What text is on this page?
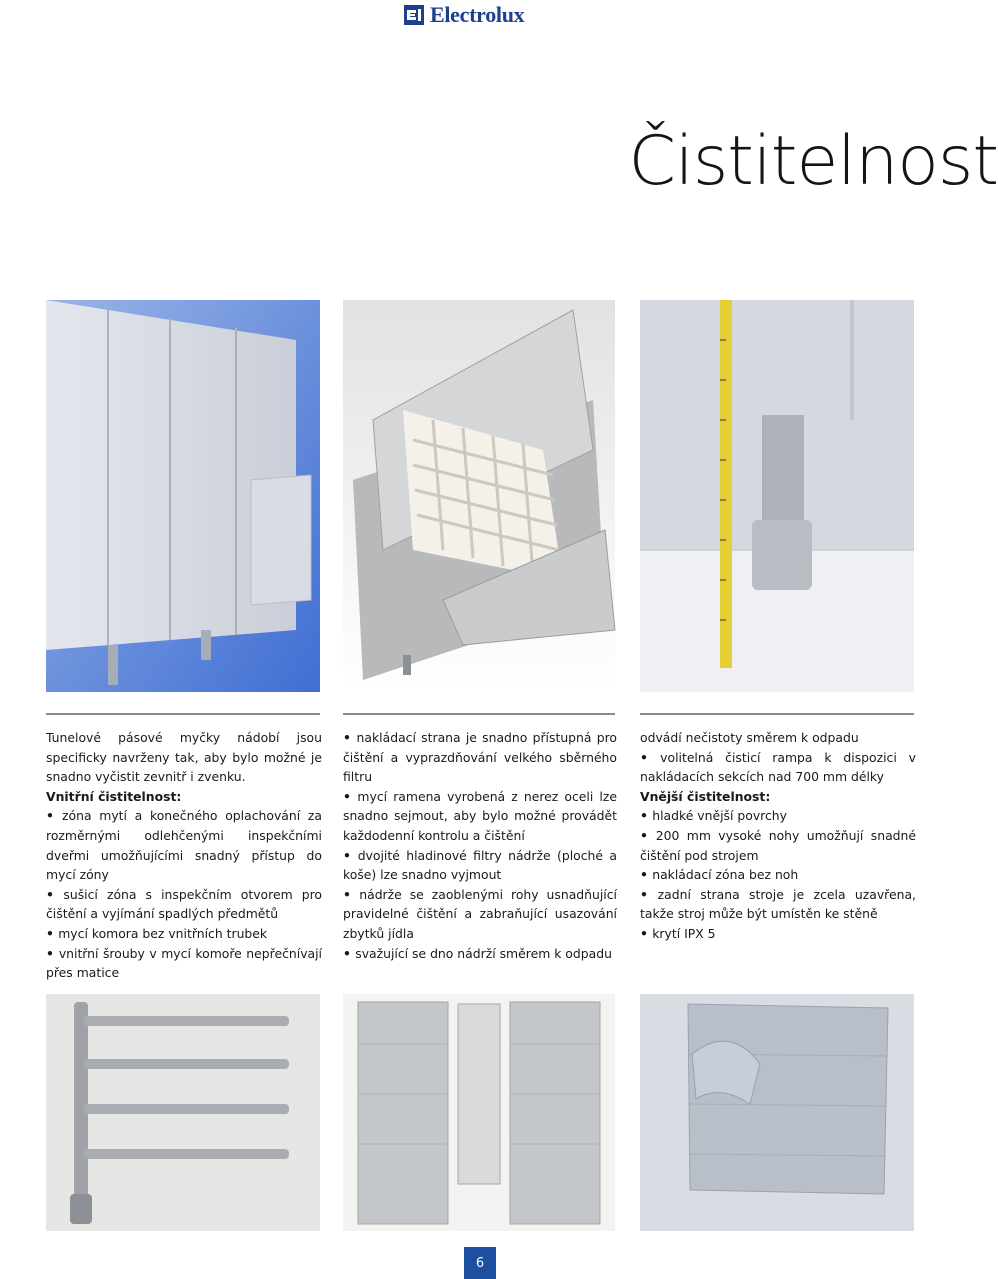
Electrolux
Čistitelnost

Tunelové pásové myčky nádobí jsou specificky navrženy tak, aby bylo možné je snadno vyčistit zevnitř i zvenku.

Vnitřní čistitelnost:

• zóna mytí a konečného oplachování za rozměrnými odlehčenými inspekčními dveřmi umožňujícími snadný přístup do mycí zóny
• sušicí zóna s inspekčním otvorem pro čištění a vyjímání spadlých předmětů
• mycí komora bez vnitřních trubek
• vnitřní šrouby v mycí komoře nepřečnívají přes matice
• nakládací strana je snadno přístupná pro čištění a vyprazdňování velkého sběrného filtru
• mycí ramena vyrobená z nerez oceli lze snadno sejmout, aby bylo možné provádět každodenní kontrolu a čištění
• dvojité hladinové filtry nádrže (ploché a koše) lze snadno vyjmout
• nádrže se zaoblenými rohy usnadňující pravidelné čištění a zabraňující usazování zbytků jídla
• svažující se dno nádrží směrem k odpadu

odvádí nečistoty směrem k odpadu

• volitelná čisticí rampa k dispozici v nakládacích sekcích nad 700 mm délky

Vnější čistitelnost:

• hladké vnější povrchy
• 200 mm vysoké nohy umožňují snadné čištění pod strojem
• nakládací zóna bez noh
• zadní strana stroje je zcela uzavřena, takže stroj může být umístěn ke stěně
• krytí IPX 5
6
